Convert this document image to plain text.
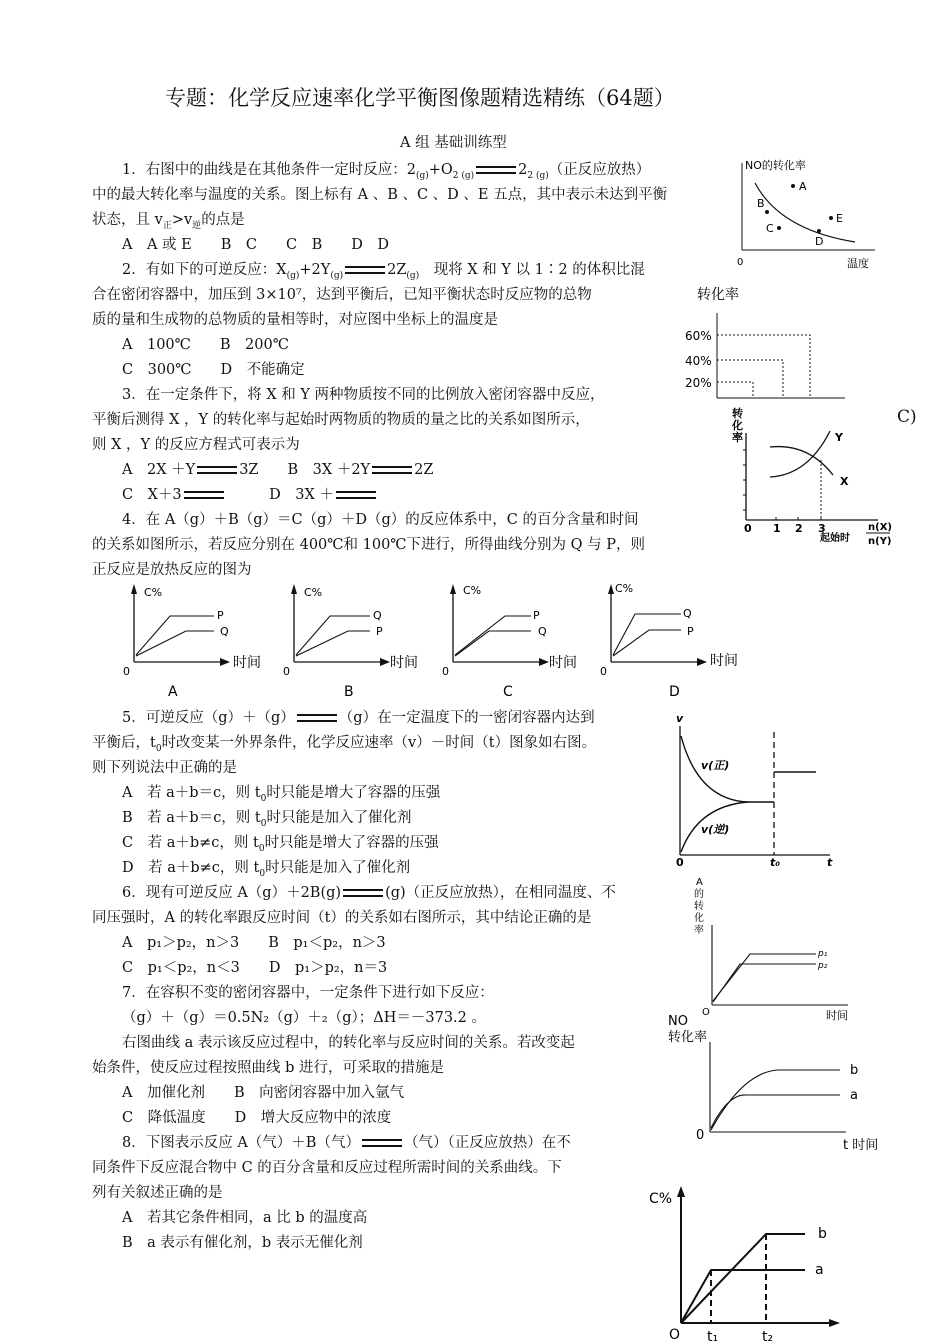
专题：化学反应速率化学平衡图像题精选精练（64题）
A 组 基础训练型
1．右图中的曲线是在其他条件一定时反应：$2_{(g)}+O_{2 (g)}$	$2_{2 (g)}$（正反应放热）
中的最大转化率与温度的关系。图上标有 A 、B 、C 、D 、E 五点，其中表示未达到平衡
状态，且 $v_正>v_逆$的点是
A　A 或 E　　B　C　　C　B　　D　D
NO的转化率
0	温度
A
B
C
D
E
2．有如下的可逆反应：$X_{(g)}+2Y_{(g)}$	$2Z_{(g)}$　 现将 X 和 Y 以 1∶2 的体积比混
合在密闭容器中，加压到 3×10⁷，达到平衡后，已知平衡状态时反应物的总物
质的量和生成物的总物质的量相等时，对应图中坐标上的温度是
A　100℃　　B　200℃
C　300℃　　D　不能确定
转化率
60%
40%
20%
3．在一定条件下，将 X 和 Y 两种物质按不同的比例放入密闭容器中反应，
平衡后测得 X ，Y 的转化率与起始时两物质的物质的量之比的关系如图所示，
则 X ，Y 的反应方程式可表示为
A　2X ＋Y	3Z　　 B　3X ＋2Y	2Z
C　X＋3　　　	D　3X ＋
C)
转
化
率
0 1 2 3
Y
X
起始时
n(X)
n(Y)
4．在 A（g）＋B（g）＝C（g）＋D（g）的反应体系中，C 的百分含量和时间
的关系如图所示，若反应分别在 400℃和 100℃下进行，所得曲线分别为 Q 与 P，则
正反应是放热反应的图为
C%
0
时间
P
Q
A
C%
0
时间
Q
P
B
C%
0
时间
P
Q
C
C%
0
时间
Q
P
D
5．可逆反应（g）＋（g）	（g）在一定温度下的一密闭容器内达到
平衡后，$t_0$时改变某一外界条件，化学反应速率（v）－时间（t）图象如右图。
则下列说法中正确的是
A　若 a＋b＝c，则 $t_0$时只能是增大了容器的压强
B　若 a＋b＝c，则 $t_0$时只能是加入了催化剂
C　若 a＋b≠c，则 $t_0$时只能是增大了容器的压强
D　若 a＋b≠c，则 $t_0$时只能是加入了催化剂
v
v(正)
v(逆)
0	t₀	t
6．现有可逆反应 A（g）＋2B(g)	(g)（正反应放热），在相同温度、不
同压强时，A 的转化率跟反应时间（t）的关系如右图所示，其中结论正确的是
A　p₁＞p₂，n＞3　　B　p₁＜p₂，n＞3
C　p₁＜p₂，n＜3　　D　p₁＞p₂，n＝3
A
的
转
化
率
p₁
p₂
O	时间
7．在容积不变的密闭容器中，一定条件下进行如下反应：
（g）＋（g）＝0.5N₂（g）＋₂（g）；ΔH＝－373.2 。
右图曲线 a 表示该反应过程中，的转化率与反应时间的关系。若改变起
始条件，使反应过程按照曲线 b 进行，可采取的措施是
A　加催化剂　　B　向密闭容器中加入氩气
C　降低温度　　D　增大反应物中的浓度
NO
转化率
b
a
0
t 时间
8．下图表示反应 A（气）＋B（气）	（气）（正反应放热）在不
同条件下反应混合物中 C 的百分含量和反应过程所需时间的关系曲线。下
列有关叙述正确的是
A　若其它条件相同，a 比 b 的温度高
B　a 表示有催化剂，b 表示无催化剂
C%
b
a
O t₁	t₂
